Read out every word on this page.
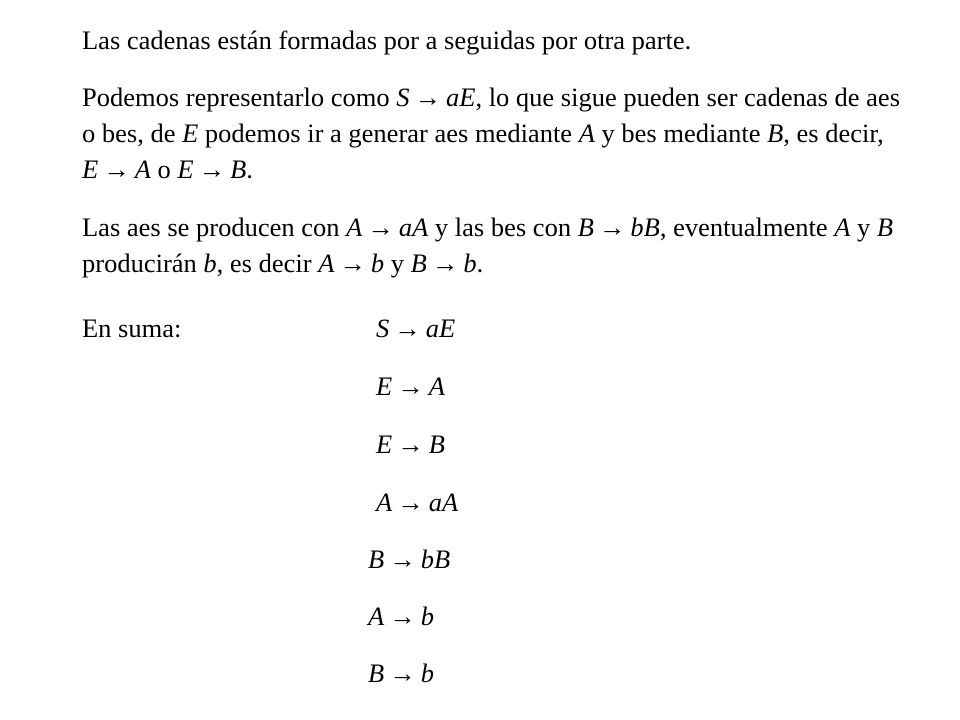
Las cadenas están formadas por a seguidas por otra parte.

Podemos representarlo como S → aE, lo que sigue pueden ser cadenas de aes o bes, de E podemos ir a generar aes mediante A y bes mediante B, es decir, E → A o E → B.

Las aes se producen con A → aA y las bes con B → bB, eventualmente A y B producirán b, es decir A → b y B → b.

En suma:	S → aE
E → A
E → B
A → aA
B → bB
A → b
B → b
